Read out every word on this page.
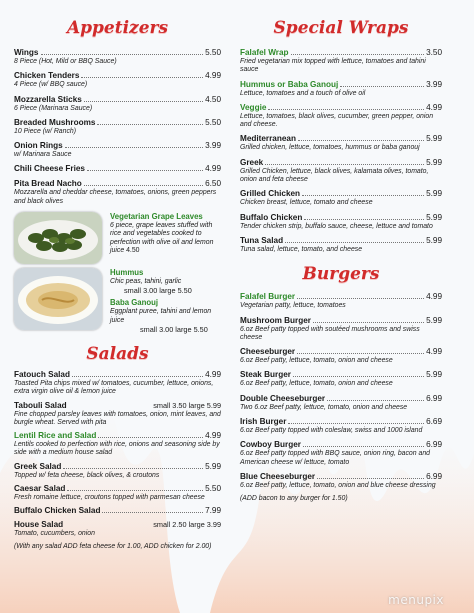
Appetizers
Wings	5.50
8 Piece (Hot, Mild or BBQ Sauce)
Chicken Tenders	4.99
4 Piece (w/ BBQ sauce)
Mozzarella Sticks	4.50
6 Piece (Marinara Sauce)
Breaded Mushrooms	5.50
10 Piece (w/ Ranch)
Onion Rings	3.99
w/ Marinara Sauce
Chili Cheese Fries	4.99
Pita Bread Nacho	6.50
Mozzarella and cheddar cheese, tomatoes, onions, green peppers and black olives
Vegetarian Grape Leaves
6 piece, grape leaves stuffed with rice and vegetables cooked to perfection with olive oil and lemon juice 4.50
Hummus
Chic peas, tahini, garlic
small 3.00 large 5.50
Baba Ganouj
Eggplant puree, tahini and lemon juice
small 3.00 large 5.50
Salads
Fatouch Salad	4.99
Toasted Pita chips mixed w/ tomatoes, cucumber, lettuce, onions, extra virgin olive oil & lemon juice
Tabouli Salad	small 3.50 large 5.99
Fine chopped parsley leaves with tomatoes, onion, mint leaves, and burgle wheat. Served with pita
Lentil Rice and Salad	4.99
Lentils cooked to perfection with rice, onions and seasoning side by side with a medium house salad
Greek Salad	5.99
Topped w/ feta cheese, black olives, & croutons
Caesar Salad	5.50
Fresh romaine lettuce, croutons topped with parmesan cheese
Buffalo Chicken Salad	7.99
House Salad	small 2.50 large 3.99
Tomato, cucumbers, onion
(With any salad ADD feta cheese for 1.00, ADD chicken for 2.00)
Special Wraps
Falafel Wrap	3.50
Fried vegetarian mix topped with lettuce, tomatoes and tahini sauce
Hummus or Baba Ganouj	3.99
Lettuce, tomatoes and a touch of olive oil
Veggie	4.99
Lettuce, tomatoes, black olives, cucumber, green pepper, onion and cheese.
Mediterranean	5.99
Grilled chicken, lettuce, tomatoes, hummus or baba ganouj
Greek	5.99
Grilled Chicken, lettuce, black olives, kalamata olives, tomato, onion and feta cheese
Grilled Chicken	5.99
Chicken breast, lettuce, tomato and cheese
Buffalo Chicken	5.99
Tender chicken strip, buffalo sauce, cheese, lettuce and tomato
Tuna Salad	5.99
Tuna salad, lettuce, tomato, and cheese
Burgers
Falafel Burger	4.99
Vegetarian patty, lettuce, tomatoes
Mushroom Burger	5.99
6.oz Beef patty topped with soutéed mushrooms and swiss cheese
Cheeseburger	4.99
6.oz Beef patty, lettuce, tomato, onion and cheese
Steak Burger	5.99
6.oz Beef patty, lettuce, tomato, onion and cheese
Double Cheeseburger	6.99
Two 6.oz Beef patty, lettuce, tomato, onion and cheese
Irish Burger	6.69
6.oz Beef patty topped with coleslaw, swiss and 1000 island
Cowboy Burger	6.99
6.oz Beef patty topped with BBQ sauce, onion ring, bacon and American cheese w/ lettuce, tomato
Blue Cheeseburger	6.99
6.oz Beef patty, lettuce, tomato, onion and blue cheese dressing
(ADD bacon to any burger for 1.50)
menupix
